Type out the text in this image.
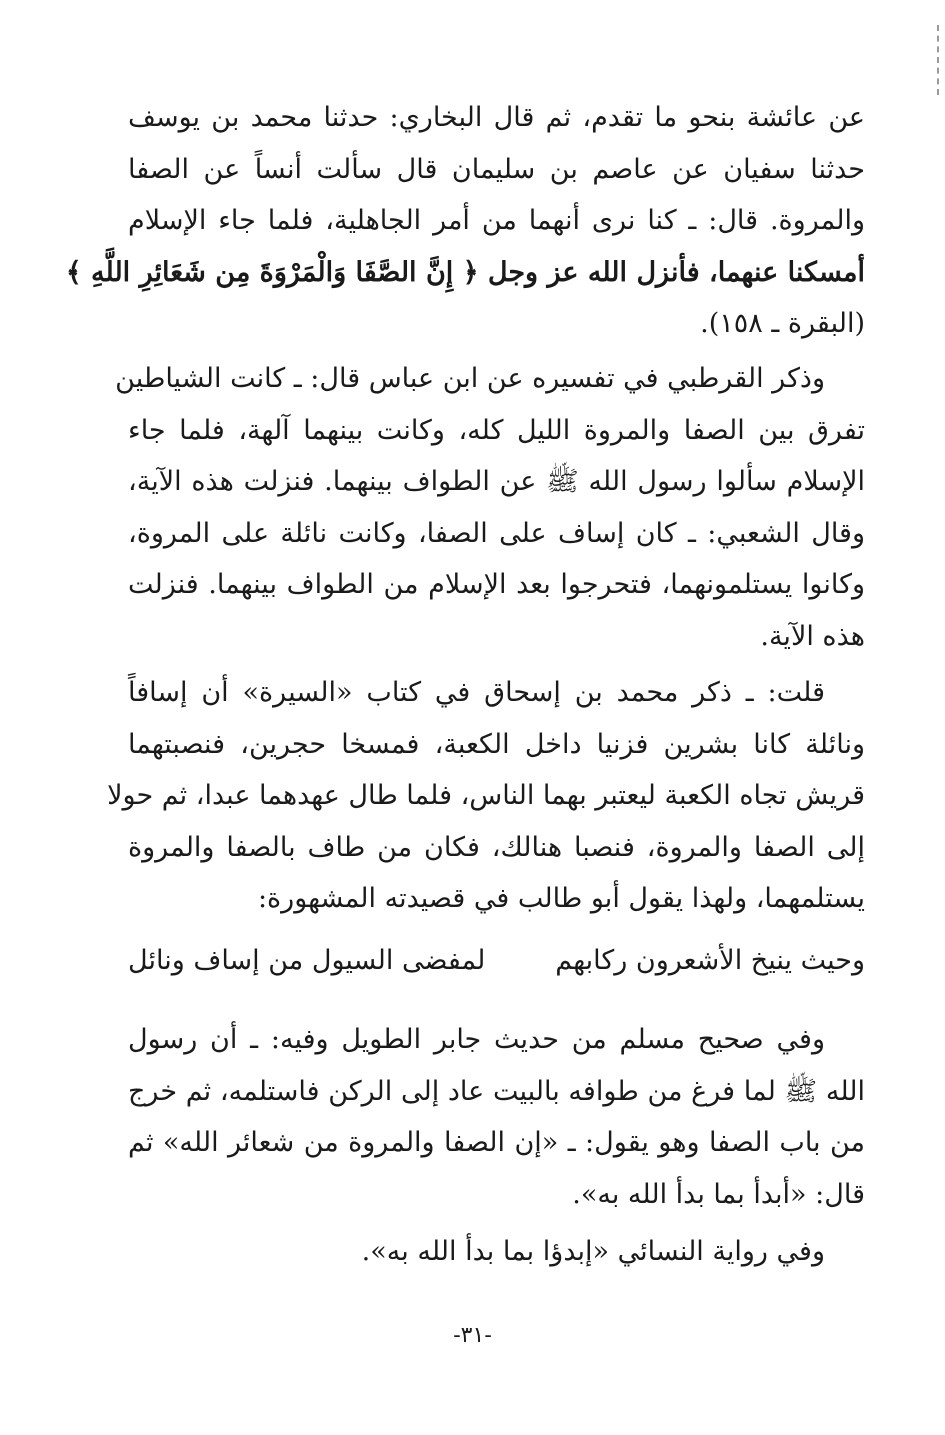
عن عائشة بنحو ما تقدم، ثم قال البخاري: حدثنا محمد بن يوسف
حدثنا سفيان عن عاصم بن سليمان قال سألت أنساً عن الصفا
والمروة. قال: ـ كنا نرى أنهما من أمر الجاهلية، فلما جاء الإسلام
أمسكنا عنهما، فأنزل الله عز وجل ﴿ إِنَّ الصَّفَا وَالْمَرْوَةَ مِن شَعَائِرِ اللَّهِ ﴾
(البقرة ـ ١٥٨).
وذكر القرطبي في تفسيره عن ابن عباس قال: ـ كانت الشياطين
تفرق بين الصفا والمروة الليل كله، وكانت بينهما آلهة، فلما جاء
الإسلام سألوا رسول الله ﷺ عن الطواف بينهما. فنزلت هذه الآية،
وقال الشعبي: ـ كان إساف على الصفا، وكانت نائلة على المروة،
وكانوا يستلمونهما، فتحرجوا بعد الإسلام من الطواف بينهما. فنزلت
هذه الآية.
قلت: ـ ذكر محمد بن إسحاق في كتاب «السيرة» أن إسافاً
ونائلة كانا بشرين فزنيا داخل الكعبة، فمسخا حجرين، فنصبتهما
قريش تجاه الكعبة ليعتبر بهما الناس، فلما طال عهدهما عبدا، ثم حولا
إلى الصفا والمروة، فنصبا هنالك، فكان من طاف بالصفا والمروة
يستلمهما، ولهذا يقول أبو طالب في قصيدته المشهورة:
وحيث ينيخ الأشعرون ركابهم
لمفضى السيول من إساف ونائل
وفي صحيح مسلم من حديث جابر الطويل وفيه: ـ أن رسول
الله ﷺ لما فرغ من طوافه بالبيت عاد إلى الركن فاستلمه، ثم خرج
من باب الصفا وهو يقول: ـ «إن الصفا والمروة من شعائر الله» ثم
قال: «أبدأ بما بدأ الله به».
وفي رواية النسائي «إبدؤا بما بدأ الله به».
-٣١-
